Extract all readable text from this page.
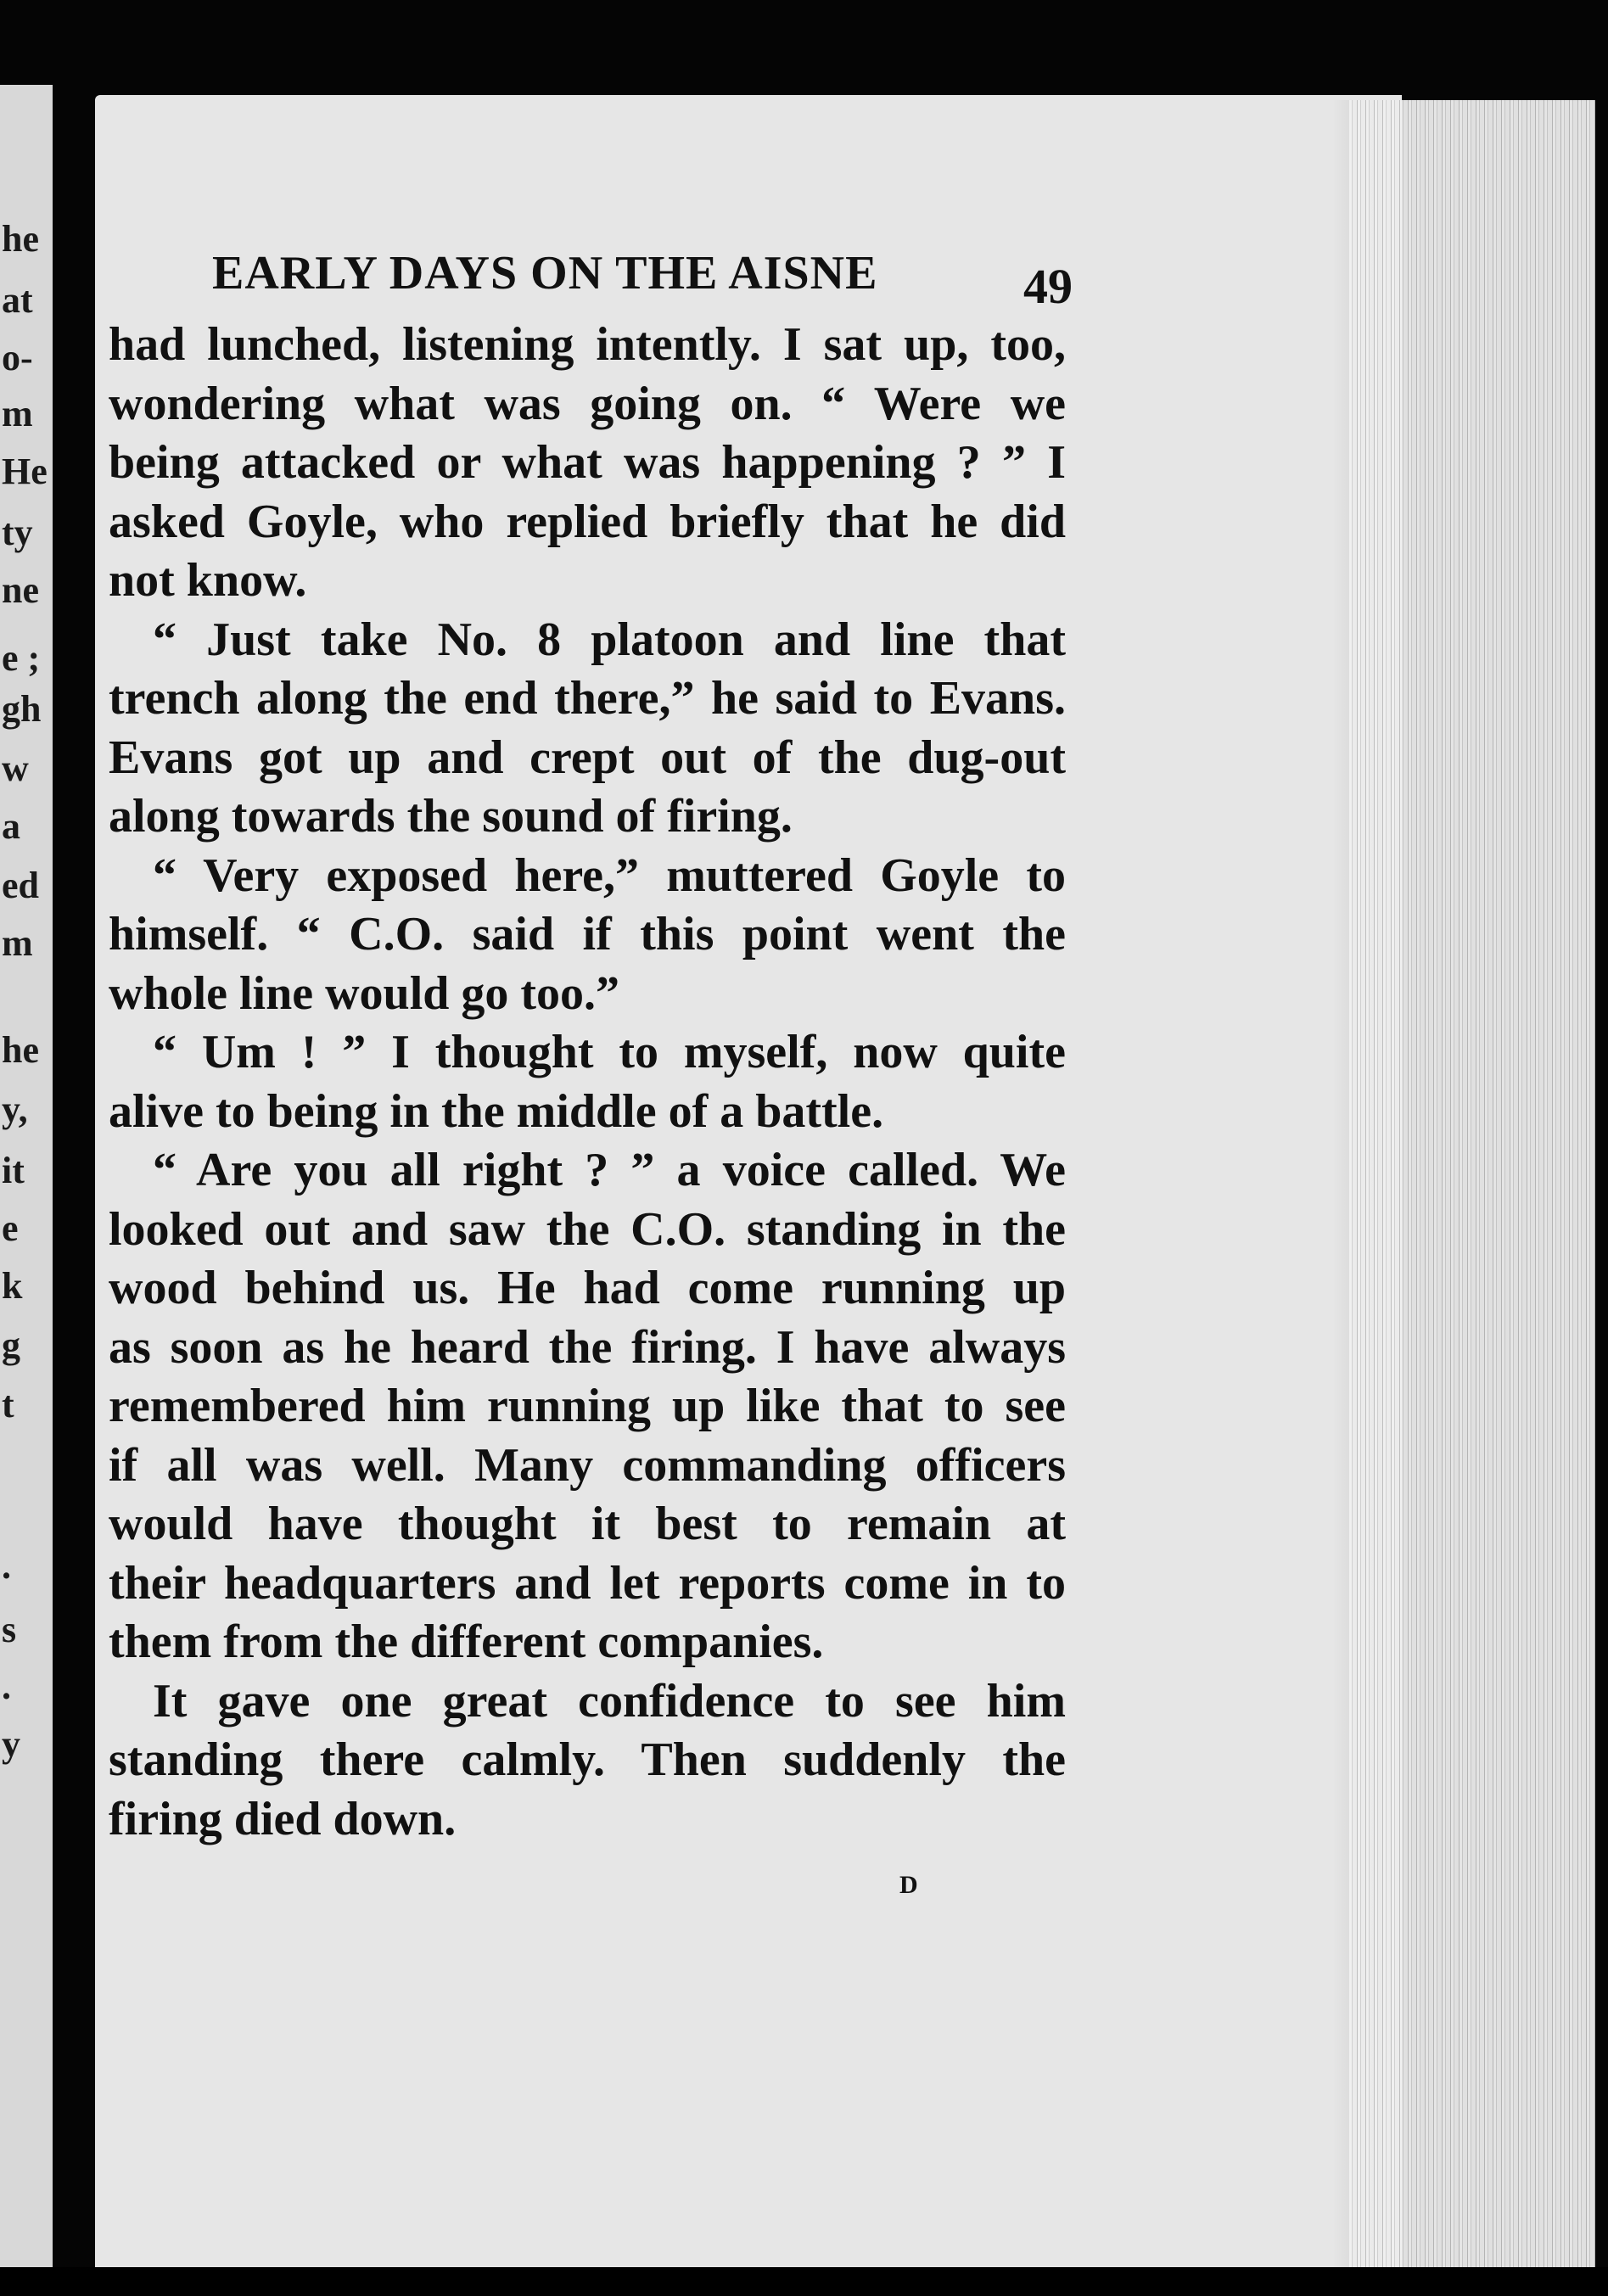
he
at
o-
m
He
ty
ne
e ;
gh
w
a
ed
m
he
y,
it
e
k
g
t
.
s
.
y
EARLY DAYS ON THE AISNE	49
had lunched, listening intently. I sat up, too,
wondering what was going on. “ Were we
being attacked or what was happening ? ” I
asked Goyle, who replied briefly that he did
not know.
“ Just take No. 8 platoon and line that
trench along the end there,” he said to Evans.
Evans got up and crept out of the dug-out
along towards the sound of firing.
“ Very exposed here,” muttered Goyle to
himself. “ C.O. said if this point went the
whole line would go too.”
“ Um ! ” I thought to myself, now quite
alive to being in the middle of a battle.
“ Are you all right ? ” a voice called. We
looked out and saw the C.O. standing in the
wood behind us. He had come running up
as soon as he heard the firing. I have always
remembered him running up like that to see
if all was well. Many commanding officers
would have thought it best to remain at
their headquarters and let reports come in to
them from the different companies.
It gave one great confidence to see him
standing there calmly. Then suddenly the
firing died down.
D
